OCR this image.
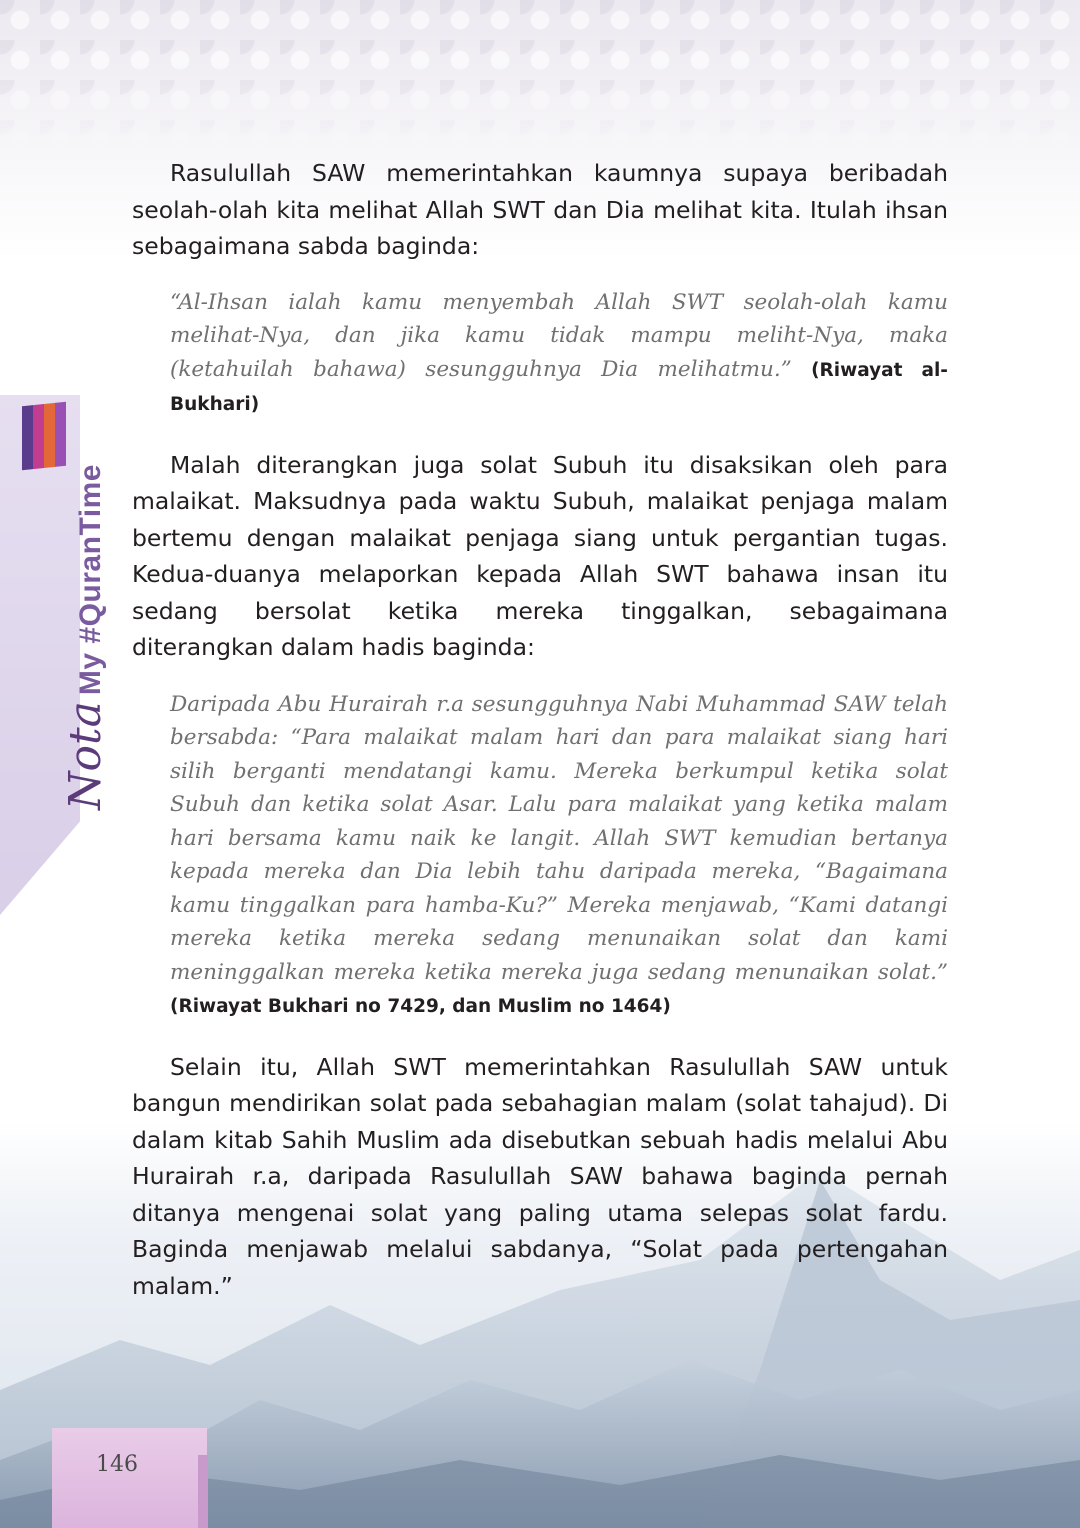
Nota
My #QuranTime

Rasulullah SAW memerintahkan kaumnya supaya beribadah seolah-olah kita melihat Allah SWT dan Dia melihat kita. Itulah ihsan sebagaimana sabda baginda:

“Al-Ihsan ialah kamu menyembah Allah SWT seolah-olah kamu melihat-Nya, dan jika kamu tidak mampu meliht-Nya, maka (ketahuilah bahawa) sesungguhnya Dia melihatmu.” (Riwayat al-Bukhari)

Malah diterangkan juga solat Subuh itu disaksikan oleh para malaikat. Maksudnya pada waktu Subuh, malaikat penjaga malam bertemu dengan malaikat penjaga siang untuk pergantian tugas. Kedua-duanya melaporkan kepada Allah SWT bahawa insan itu sedang bersolat ketika mereka tinggalkan, sebagaimana diterangkan dalam hadis baginda:

Daripada Abu Hurairah r.a sesungguhnya Nabi Muhammad SAW telah bersabda: “Para malaikat malam hari dan para malaikat siang hari silih berganti mendatangi kamu. Mereka berkumpul ketika solat Subuh dan ketika solat Asar. Lalu para malaikat yang ketika malam hari bersama kamu naik ke langit. Allah SWT kemudian bertanya kepada mereka dan Dia lebih tahu daripada mereka, “Bagaimana kamu tinggalkan para hamba-Ku?” Mereka menjawab, “Kami datangi mereka ketika mereka sedang menunaikan solat dan kami meninggalkan mereka ketika mereka juga sedang menunaikan solat.” (Riwayat Bukhari no 7429, dan Muslim no 1464)

Selain itu, Allah SWT memerintahkan Rasulullah SAW untuk bangun mendirikan solat pada sebahagian malam (solat tahajud). Di dalam kitab Sahih Muslim ada disebutkan sebuah hadis melalui Abu Hurairah r.a, daripada Rasulullah SAW bahawa baginda pernah ditanya mengenai solat yang paling utama selepas solat fardu. Baginda menjawab melalui sabdanya, “Solat pada pertengahan malam.”

146
